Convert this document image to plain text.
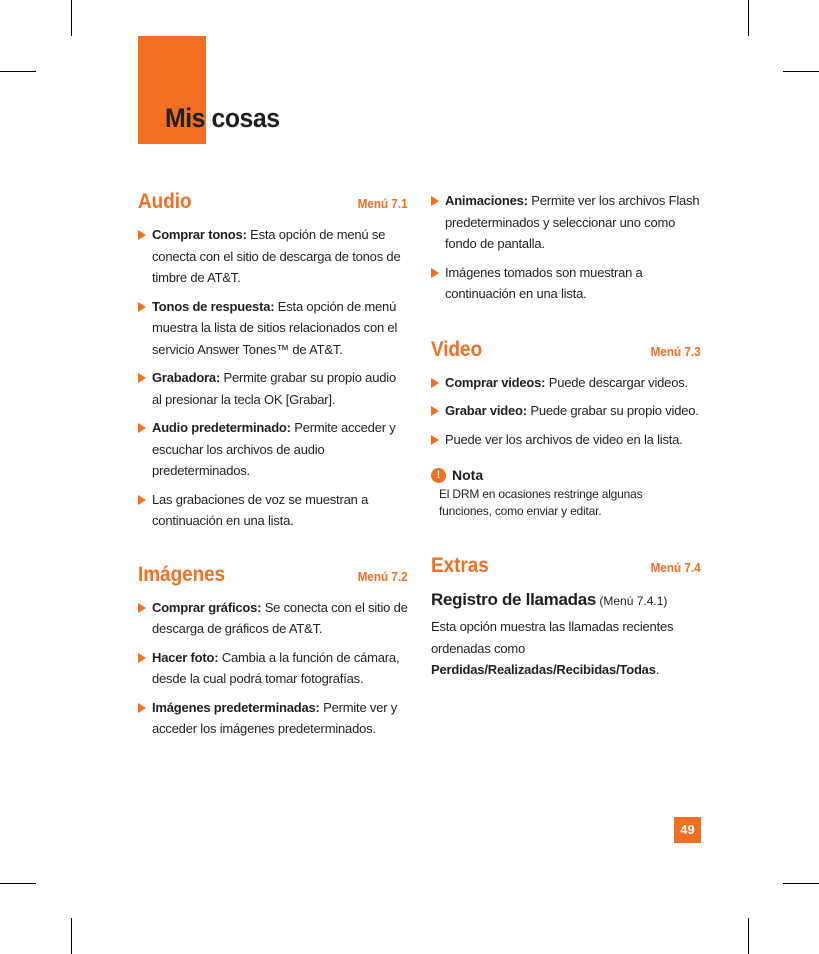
Mis cosas
Audio	Menú 7.1
Comprar tonos: Esta opción de menú se conecta con el sitio de descarga de tonos de timbre de AT&T.
Tonos de respuesta: Esta opción de menú muestra la lista de sitios relacionados con el servicio Answer Tones™ de AT&T.
Grabadora: Permite grabar su propio audio al presionar la tecla OK [Grabar].
Audio predeterminado: Permite acceder y escuchar los archivos de audio predeterminados.
Las grabaciones de voz se muestran a continuación en una lista.
Imágenes	Menú 7.2
Comprar gráficos: Se conecta con el sitio de descarga de gráficos de AT&T.
Hacer foto: Cambia a la función de cámara, desde la cual podrá tomar fotografías.
Imágenes predeterminadas: Permite ver y acceder los imágenes predeterminados.
Animaciones: Permite ver los archivos Flash predeterminados y seleccionar uno como fondo de pantalla.
Imágenes tomados son muestran a continuación en una lista.
Video	Menú 7.3
Comprar videos: Puede descargar videos.
Grabar video: Puede grabar su propio video.
Puede ver los archivos de video en la lista.
! Nota
El DRM en ocasiones restringe algunas funciones, como enviar y editar.
Extras	Menú 7.4
Registro de llamadas (Menú 7.4.1)
Esta opción muestra las llamadas recientes ordenadas como Perdidas/Realizadas/Recibidas/Todas.
49
